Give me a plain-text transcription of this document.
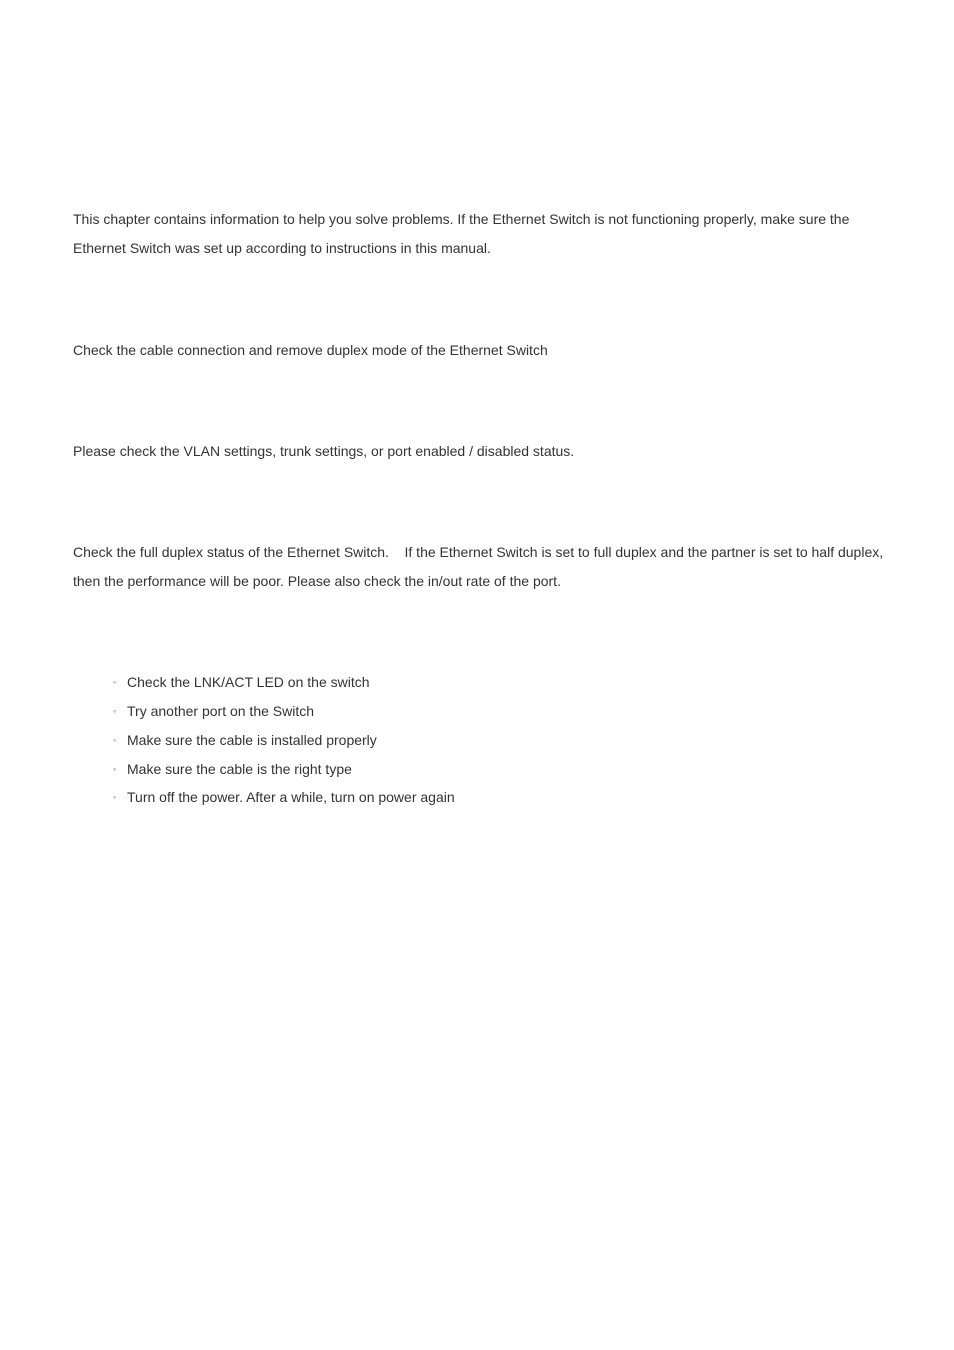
This chapter contains information to help you solve problems. If the Ethernet Switch is not functioning properly, make sure the Ethernet Switch was set up according to instructions in this manual.

Check the cable connection and remove duplex mode of the Ethernet Switch

Please check the VLAN settings, trunk settings, or port enabled / disabled status.

Check the full duplex status of the Ethernet Switch.    If the Ethernet Switch is set to full duplex and the partner is set to half duplex, then the performance will be poor. Please also check the in/out rate of the port.

◦ Check the LNK/ACT LED on the switch
◦ Try another port on the Switch
◦ Make sure the cable is installed properly
◦ Make sure the cable is the right type
◦ Turn off the power. After a while, turn on power again
